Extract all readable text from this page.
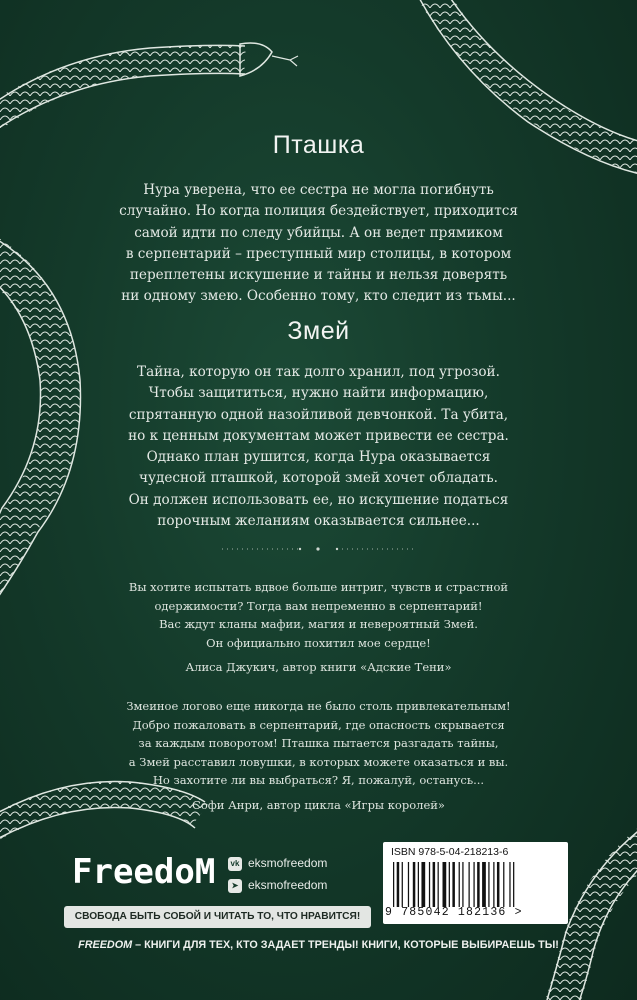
Пташка
Нура уверена, что ее сестра не могла погибнуть
случайно. Но когда полиция бездействует, приходится
самой идти по следу убийцы. А он ведет прямиком
в серпентарий – преступный мир столицы, в котором
переплетены искушение и тайны и нельзя доверять
ни одному змею. Особенно тому, кто следит из тьмы...
Змей
Тайна, которую он так долго хранил, под угрозой.
Чтобы защититься, нужно найти информацию,
спрятанную одной назойливой девчонкой. Та убита,
но к ценным документам может привести ее сестра.
Однако план рушится, когда Нура оказывается
чудесной пташкой, которой змей хочет обладать.
Он должен использовать ее, но искушение податься
порочным желаниям оказывается сильнее...
Вы хотите испытать вдвое больше интриг, чувств и страстной
одержимости? Тогда вам непременно в серпентарий!
Вас ждут кланы мафии, магия и невероятный Змей.
Он официально похитил мое сердце!
Алиса Джукич, автор книги «Адские Тени»
Змеиное логово еще никогда не было столь привлекательным!
Добро пожаловать в серпентарий, где опасность скрывается
за каждым поворотом! Пташка пытается разгадать тайны,
а Змей расставил ловушки, в которых можете оказаться и вы.
Но захотите ли вы выбраться? Я, пожалуй, останусь...
Софи Анри, автор цикла «Игры королей»
FreedoM	vk eksmofreedom
➤ eksmofreedom
СВОБОДА БЫТЬ СОБОЙ И ЧИТАТЬ ТО, ЧТО НРАВИТСЯ!
ISBN 978-5-04-218213-6
9 785042 182136 >
FREEDOM – КНИГИ ДЛЯ ТЕХ, КТО ЗАДАЕТ ТРЕНДЫ! КНИГИ, КОТОРЫЕ ВЫБИРАЕШЬ ТЫ!
